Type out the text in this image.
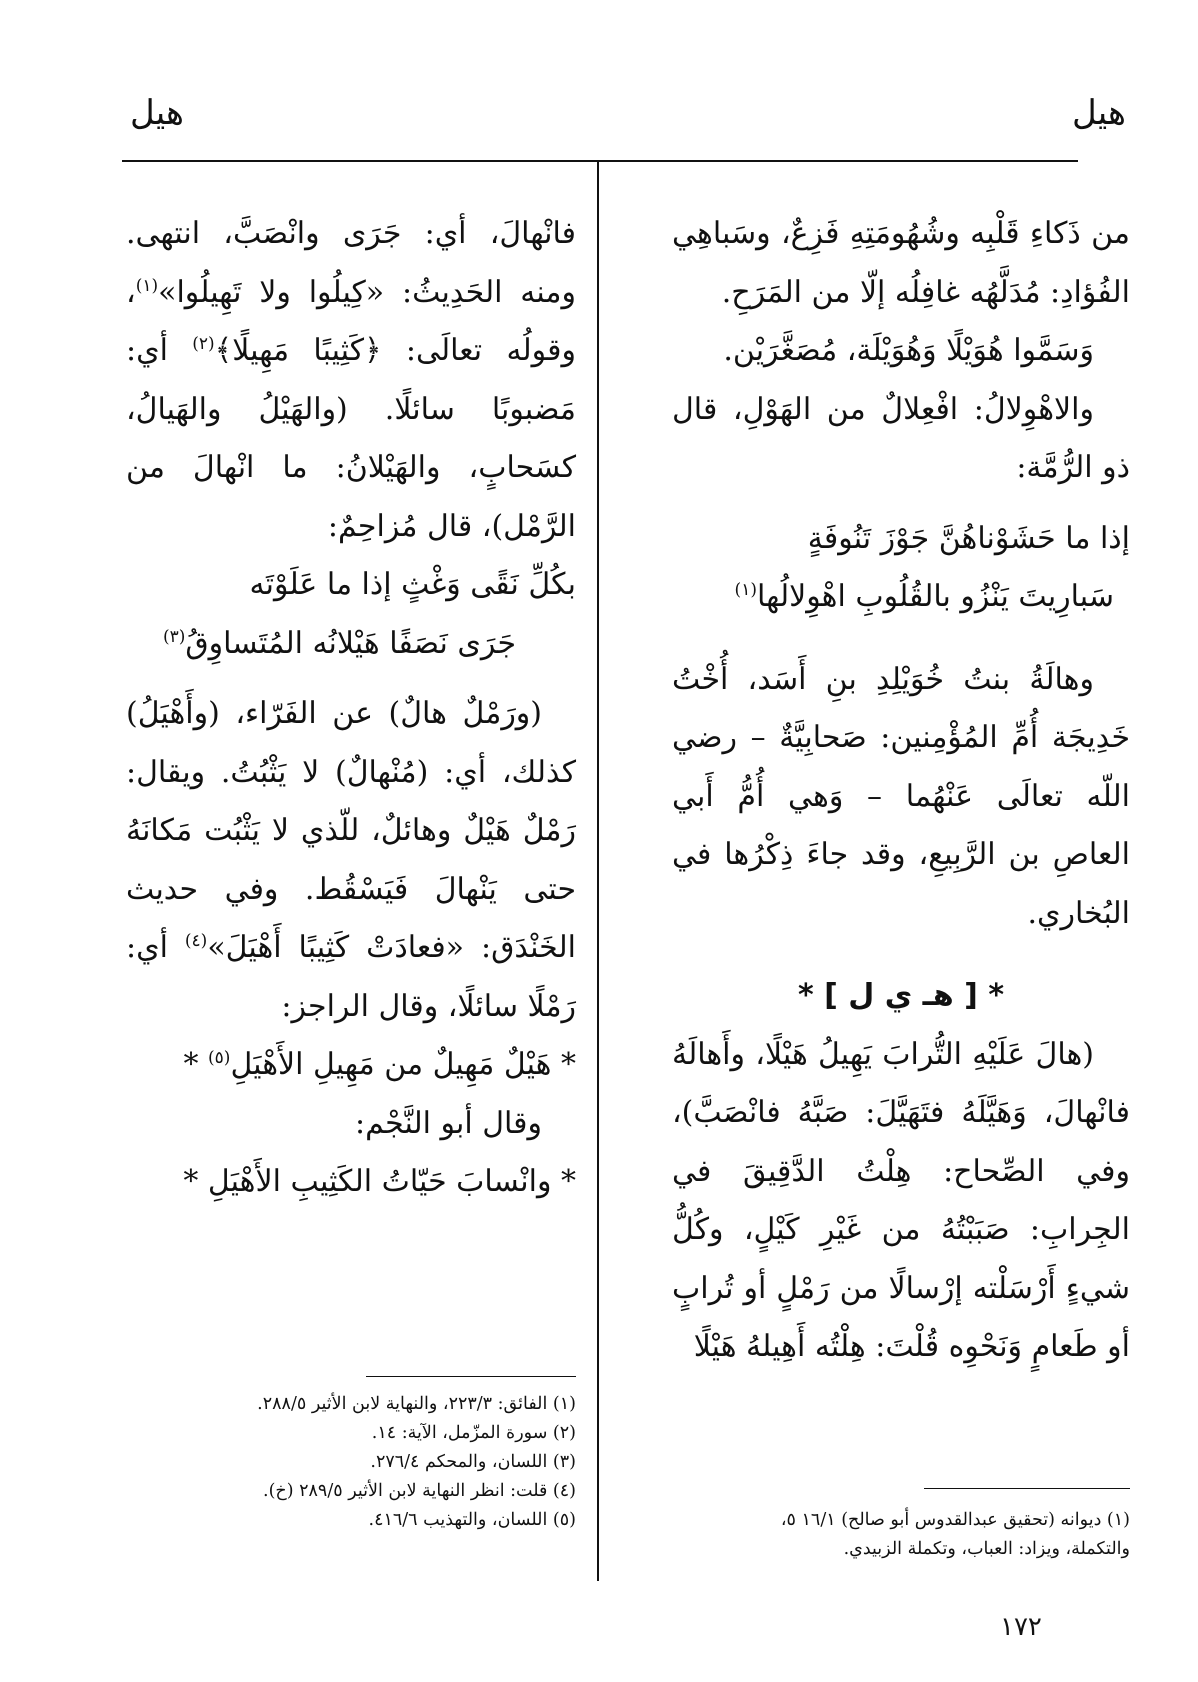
هيل
هيل

من ذَكاءِ قَلْبِه وشُهُومَتِهِ فَزِعٌ، وسَباهِي الفُؤادِ: مُدَلَّهُه غافِلُه إلّا من المَرَحِ.

وَسَمَّوا هُوَيْلًا وَهُوَيْلَة، مُصَغَّرَيْن.

والاهْوِلالُ: افْعِلالٌ من الهَوْلِ، قال ذو الرُّمَّة:

إذا ما حَشَوْناهُنَّ جَوْزَ تَنُوفَةٍ

سَبارِيتَ يَنْزُو بالقُلُوبِ اهْوِلالُها$^{(١)}$

وهالَةُ بنتُ خُوَيْلِدِ بنِ أَسَد، أُخْتُ خَدِيجَة أُمِّ المُؤْمِنين: صَحابِيَّةٌ – رضي اللّه تعالَى عَنْهُما – وَهي أُمُّ أَبي العاصِ بن الرَّبِيعِ، وقد جاءَ ذِكْرُها في البُخاري.

* [ هـ ي ل ] *

(هالَ عَلَيْهِ التُّرابَ يَهِيلُ هَيْلًا، وأَهالَهُ فانْهالَ، وَهَيَّلَهُ فتَهَيَّلَ: صَبَّهُ فانْصَبَّ)، وفي الصِّحاح: هِلْتُ الدَّقِيقَ في الجِرابِ: صَبَبْتُهُ من غَيْرِ كَيْلٍ، وكُلُّ شيءٍ أَرْسَلْته إرْسالًا من رَمْلٍ أو تُرابٍ أو طَعامٍ وَنَحْوِه قُلْتَ: هِلْتُه أَهِيلهُ هَيْلًا

فانْهالَ، أي: جَرَى وانْصَبَّ، انتهى. ومنه الحَدِيثُ: «كِيلُوا ولا تَهِيلُوا»$^{(١)}$، وقولُه تعالَى: ﴿كَثِيبًا مَهِيلًا﴾$^{(٢)}$ أي: مَضبوبًا سائلًا. (والهَيْلُ والهَيالُ، كسَحابٍ، والهَيْلانُ: ما انْهالَ من الرَّمْل)، قال مُزاحِمٌ:

بكُلِّ نَقًى وَغْثٍ إذا ما عَلَوْتَه

جَرَى نَصَفًا هَيْلانُه المُتَساوِقُ$^{(٣)}$

(ورَمْلٌ هالٌ) عن الفَرّاء، (وأَهْيَلُ) كذلك، أي: (مُنْهالٌ) لا يَثْبُتُ. ويقال: رَمْلٌ هَيْلٌ وهائلٌ، للّذي لا يَثْبُت مَكانَهُ حتى يَنْهالَ فَيَسْقُط. وفي حديث الخَنْدَق: «فعادَتْ كَثِيبًا أَهْيَلَ»$^{(٤)}$ أي: رَمْلًا سائلًا، وقال الراجز:

* هَيْلٌ مَهِيلٌ من مَهِيلِ الأَهْيَلِ$^{(٥)}$ *

وقال أبو النَّجْم:

* وانْسابَ حَيّاتُ الكَثِيبِ الأَهْيَلِ *

(١) الفائق: ٢٢٣/٣، والنهاية لابن الأثير ٢٨٨/٥.
(٢) سورة المزّمل، الآية: ١٤.
(٣) اللسان، والمحكم ٢٧٦/٤.
(٤) قلت: انظر النهاية لابن الأثير ٢٨٩/٥ (خ).
(٥) اللسان، والتهذيب ٤١٦/٦.	(١) ديوانه (تحقيق عبدالقدوس أبو صالح) ١٦/١ ٥،
والتكملة، ويزاد: العباب، وتكملة الزبيدي.
١٧٢
